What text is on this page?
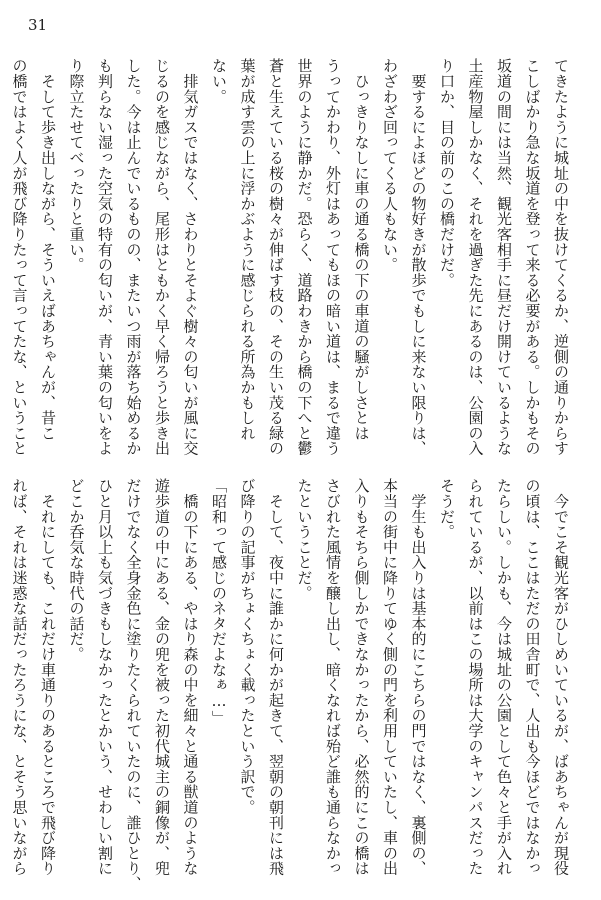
31

てきたように城址の中を抜けてくるか、逆側の通りからす

こしばかり急な坂道を登って来る必要がある。しかもその

坂道の間には当然、観光客相手に昼だけ開けているような

土産物屋しかなく、それを過ぎた先にあるのは、公園の入

り口か、目の前のこの橋だけだ。

　要するによほどの物好きが散歩でもしに来ない限りは、

わざわざ回ってくる人もない。

　ひっきりなしに車の通る橋の下の車道の騒がしさとは

うってかわり、外灯はあってもほの暗い道は、まるで違う

世界のように静かだ。恐らく、道路わきから橋の下へと鬱

蒼と生えている桜の樹々が伸ばす枝の、その生い茂る緑の

葉が成す雲の上に浮かぶように感じられる所為かもしれ

ない。

　排気ガスではなく、さわりとそよぐ樹々の匂いが風に交

じるのを感じながら、尾形はともかく早く帰ろうと歩き出

した。今は止んでいるものの、またいつ雨が落ち始めるか

も判らない湿った空気の特有の匂いが、青い葉の匂いをよ

り際立たせてべったりと重い。

　そして歩き出しながら、そういえばあちゃんが、昔こ

の橋ではよく人が飛び降りたって言ってたな、ということ

　今でこそ観光客がひしめいているが、ばあちゃんが現役

の頃は、ここはただの田舎町で、人出も今ほどではなかっ

たらしい。しかも、今は城址の公園として色々と手が入れ

られているが、以前はこの場所は大学のキャンパスだった

そうだ。

　学生も出入りは基本的にこちらの門ではなく、裏側の、

本当の街中に降りてゆく側の門を利用していたし、車の出

入りもそちら側しかできなかったから、必然的にこの橋は

さびれた風情を醸し出し、暗くなれば殆ど誰も通らなかっ

たということだ。

　そして、夜中に誰かに何かが起きて、翌朝の朝刊には飛

び降りの記事がちょくちょく載ったという訳で。

「昭和って感じのネタだよなぁ…」

　橋の下にある、やはり森の中を細々と通る獣道のような

遊歩道の中にある、金の兜を被った初代城主の銅像が、兜

だけでなく全身金色に塗りたくられていたのに、誰ひとり、

ひと月以上も気づきもしなかったとかいう、せわしい割に

どこか呑気な時代の話だ。

　それにしても、これだけ車通りのあるところで飛び降り

れば、それは迷惑な話だったろうにな、とそう思いながら
